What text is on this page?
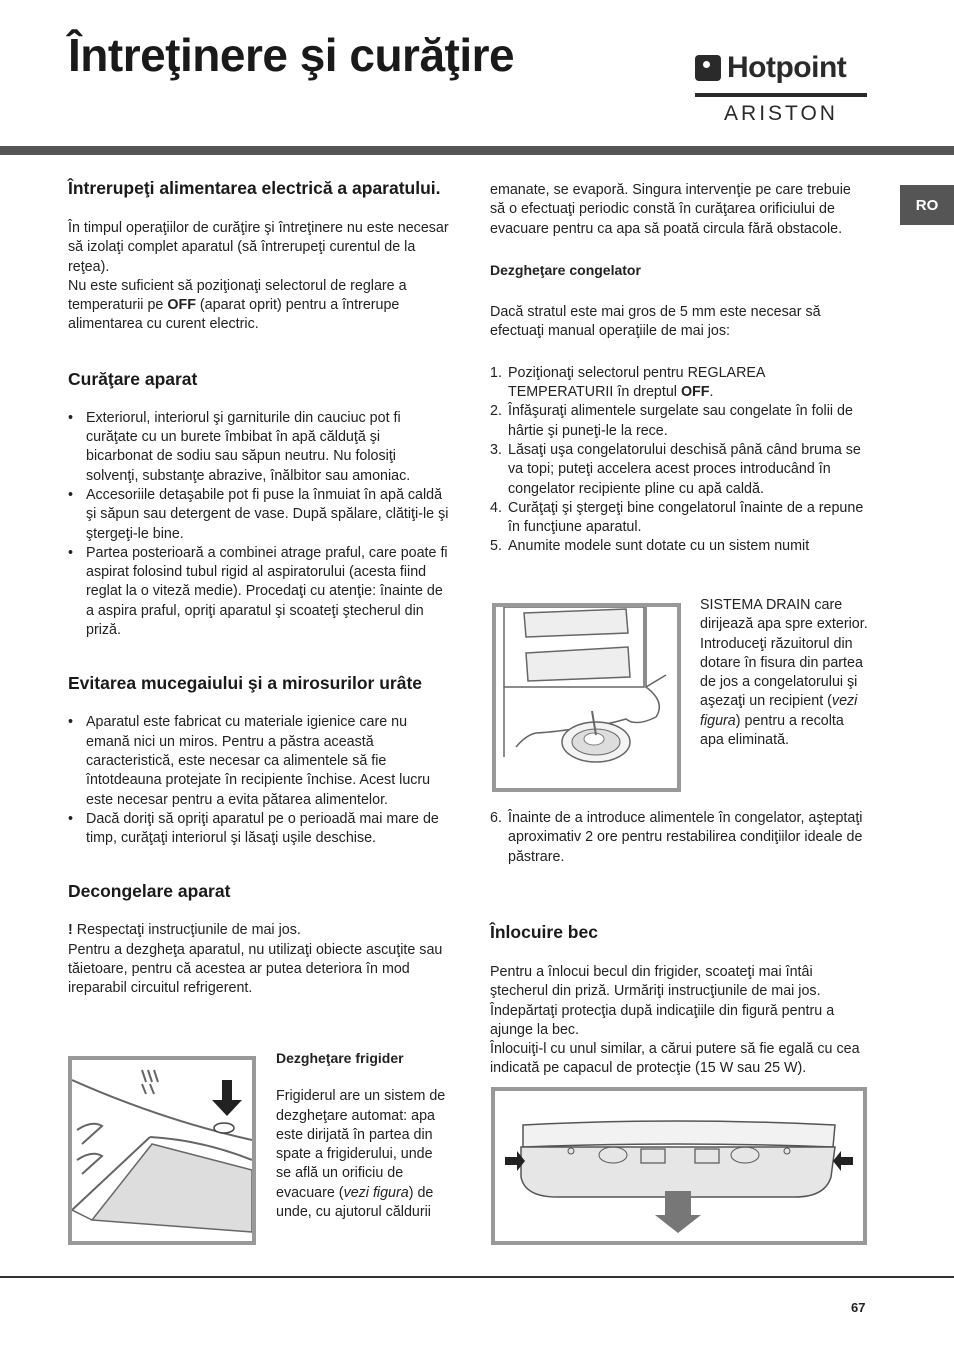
Întreţinere şi curăţire	Hotpoint
ARISTON
RO
Întrerupeţi alimentarea electrică a aparatului.

În timpul operaţiilor de curăţire şi întreţinere nu este necesar să izolaţi complet aparatul (să întrerupeţi curentul de la reţea).

Nu este suficient să poziţionaţi selectorul de reglare a temperaturii pe OFF (aparat oprit) pentru a întrerupe alimentarea cu curent electric.

Curăţare aparat
• Exteriorul, interiorul şi garniturile din cauciuc pot fi curăţate cu un burete îmbibat în apă călduţă şi bicarbonat de sodiu sau săpun neutru. Nu folosiţi solvenţi, substanţe abrazive, înălbitor sau amoniac.
• Accesoriile detaşabile pot fi puse la înmuiat în apă caldă şi săpun sau detergent de vase. După spălare, clătiţi-le şi ştergeţi-le bine.
• Partea posterioară a combinei atrage praful, care poate fi aspirat folosind tubul rigid al aspiratorului (acesta fiind reglat la o viteză medie). Procedaţi cu atenţie: înainte de a aspira praful, opriţi aparatul şi scoateţi ştecherul din priză.
Evitarea mucegaiului şi a mirosurilor urâte
• Aparatul este fabricat cu materiale igienice care nu emană nici un miros. Pentru a păstra această caracteristică, este necesar ca alimentele să fie întotdeauna protejate în recipiente închise. Acest lucru este necesar pentru a evita pătarea alimentelor.
• Dacă doriţi să opriţi aparatul pe o perioadă mai mare de timp, curăţaţi interiorul şi lăsaţi uşile deschise.
Decongelare aparat

! Respectaţi instrucţiunile de mai jos.

Pentru a dezgheţa aparatul, nu utilizaţi obiecte ascuţite sau tăietoare, pentru că acestea ar putea deteriora în mod ireparabil circuitul refrigerent.

Dezgheţare frigider

Frigiderul are un sistem de dezgheţare automat: apa este dirijată în partea din spate a frigiderului, unde se află un orificiu de evacuare (vezi figura) de unde, cu ajutorul căldurii

emanate, se evaporă. Singura intervenţie pe care trebuie să o efectuaţi periodic constă în curăţarea orificiului de evacuare pentru ca apa să poată circula fără obstacole.

Dezgheţare congelator

Dacă stratul este mai gros de 5 mm este necesar să efectuaţi manual operaţiile de mai jos:

1. Poziţionaţi selectorul pentru REGLAREA TEMPERATURII în dreptul OFF.
2. Înfăşuraţi alimentele surgelate sau congelate în folii de hârtie şi puneţi-le la rece.
3. Lăsaţi uşa congelatorului deschisă până când bruma se va topi; puteţi accelera acest proces introducând în congelator recipiente pline cu apă caldă.
4. Curăţaţi şi ştergeţi bine congelatorul înainte de a repune în funcţiune aparatul.
5. Anumite modele sunt dotate cu un sistem numit

SISTEMA DRAIN care dirijează apa spre exterior. Introduceţi răzuitorul din dotare în fisura din partea de jos a congelatorului şi aşezaţi un recipient (vezi figura) pentru a recolta apa eliminată.

6. Înainte de a introduce alimentele în congelator, aşteptaţi aproximativ 2 ore pentru restabilirea condiţiilor ideale de păstrare.
Înlocuire bec

Pentru a înlocui becul din frigider, scoateţi mai întâi ştecherul din priză. Urmăriţi instrucţiunile de mai jos. Îndepărtaţi protecţia după indicaţiile din figură pentru a ajunge la bec.

Înlocuiţi-l cu unul similar, a cărui putere să fie egală cu cea indicată pe capacul de protecţie (15 W sau 25 W).

67
